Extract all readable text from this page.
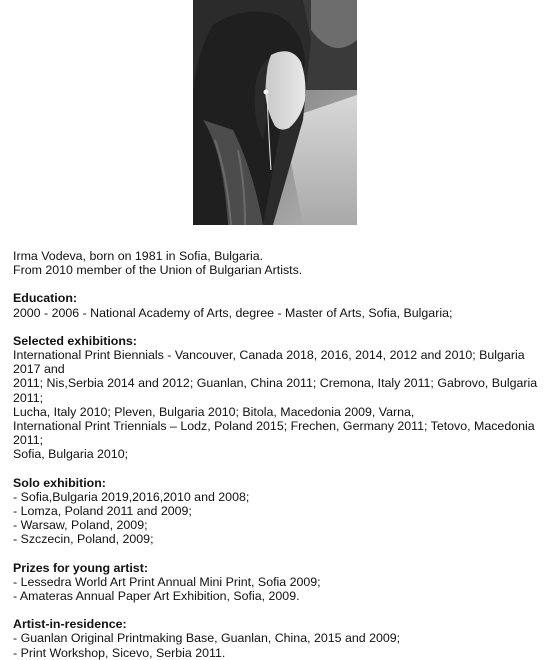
Irma Vodeva, born on 1981 in Sofia, Bulgaria.
From 2010 member of the Union of Bulgarian Artists.
Education:
2000 - 2006 - National Academy of Arts, degree - Master of Arts, Sofia, Bulgaria;
Selected exhibitions:
International Print Biennials - Vancouver, Canada 2018, 2016, 2014, 2012 and 2010; Bulgaria 2017 and
2011; Nis,Serbia 2014 and 2012; Guanlan, China 2011; Cremona, Italy 2011; Gabrovo, Bulgaria 2011;
Lucha, Italy 2010; Pleven, Bulgaria 2010; Bitola, Macedonia 2009, Varna,
International Print Triennials – Lodz, Poland 2015; Frechen, Germany 2011; Tetovo, Macedonia 2011;
Sofia, Bulgaria 2010;
Solo exhibition:
- Sofia,Bulgaria 2019,2016,2010 and 2008;
- Lomza, Poland 2011 and 2009;
- Warsaw, Poland, 2009;
- Szczecin, Poland, 2009;
Prizes for young artist:
- Lessedra World Art Print Annual Mini Print, Sofia 2009;
- Amateras Annual Paper Art Exhibition, Sofia, 2009.
Artist-in-residence:
- Guanlan Original Printmaking Base, Guanlan, China, 2015 and 2009;
- Print Workshop, Sicevo, Serbia 2011.
